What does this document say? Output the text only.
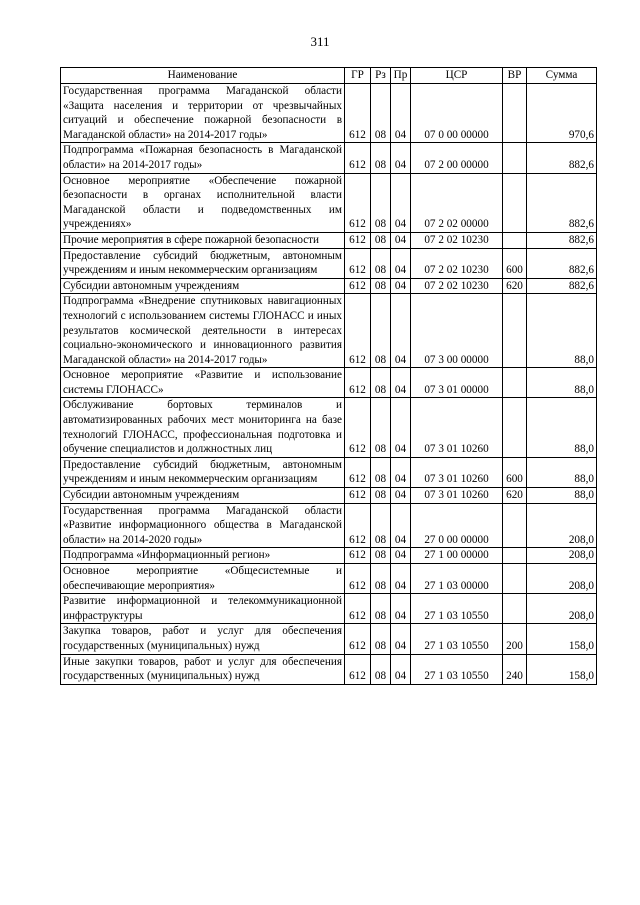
311
Наименование	ГР	Рз	Пр	ЦСР	ВР	Сумма
Государственная программа Магаданской области «Защита населения и территории от чрезвычайных ситуаций и обеспечение пожарной безопасности в Магаданской области» на 2014-2017 годы»	612	08	04	07 0 00 00000		970,6
Подпрограмма «Пожарная безопасность в Магаданской области» на 2014-2017 годы»	612	08	04	07 2 00 00000		882,6
Основное мероприятие «Обеспечение пожарной безопасности в органах исполнительной власти Магаданской области и подведомственных им учреждениях»	612	08	04	07 2 02 00000		882,6
Прочие мероприятия в сфере пожарной безопасности	612	08	04	07 2 02 10230		882,6
Предоставление субсидий бюджетным, автономным учреждениям и иным некоммерческим организациям	612	08	04	07 2 02 10230	600	882,6
Субсидии автономным учреждениям	612	08	04	07 2 02 10230	620	882,6
Подпрограмма «Внедрение спутниковых навигационных технологий с использованием системы ГЛОНАСС и иных результатов космической деятельности в интересах социально-экономического и инновационного развития Магаданской области» на 2014-2017 годы»	612	08	04	07 3 00 00000		88,0
Основное мероприятие «Развитие и использование системы ГЛОНАСС»	612	08	04	07 3 01 00000		88,0
Обслуживание бортовых терминалов и автоматизированных рабочих мест мониторинга на базе технологий ГЛОНАСС, профессиональная подготовка и обучение специалистов и должностных лиц	612	08	04	07 3 01 10260		88,0
Предоставление субсидий бюджетным, автономным учреждениям и иным некоммерческим организациям	612	08	04	07 3 01 10260	600	88,0
Субсидии автономным учреждениям	612	08	04	07 3 01 10260	620	88,0
Государственная программа Магаданской области «Развитие информационного общества в Магаданской области» на 2014-2020 годы»	612	08	04	27 0 00 00000		208,0
Подпрограмма «Информационный регион»	612	08	04	27 1 00 00000		208,0
Основное мероприятие «Общесистемные и обеспечивающие мероприятия»	612	08	04	27 1 03 00000		208,0
Развитие информационной и телекоммуникационной инфраструктуры	612	08	04	27 1 03 10550		208,0
Закупка товаров, работ и услуг для обеспечения государственных (муниципальных) нужд	612	08	04	27 1 03 10550	200	158,0
Иные закупки товаров, работ и услуг для обеспечения государственных (муниципальных) нужд	612	08	04	27 1 03 10550	240	158,0
